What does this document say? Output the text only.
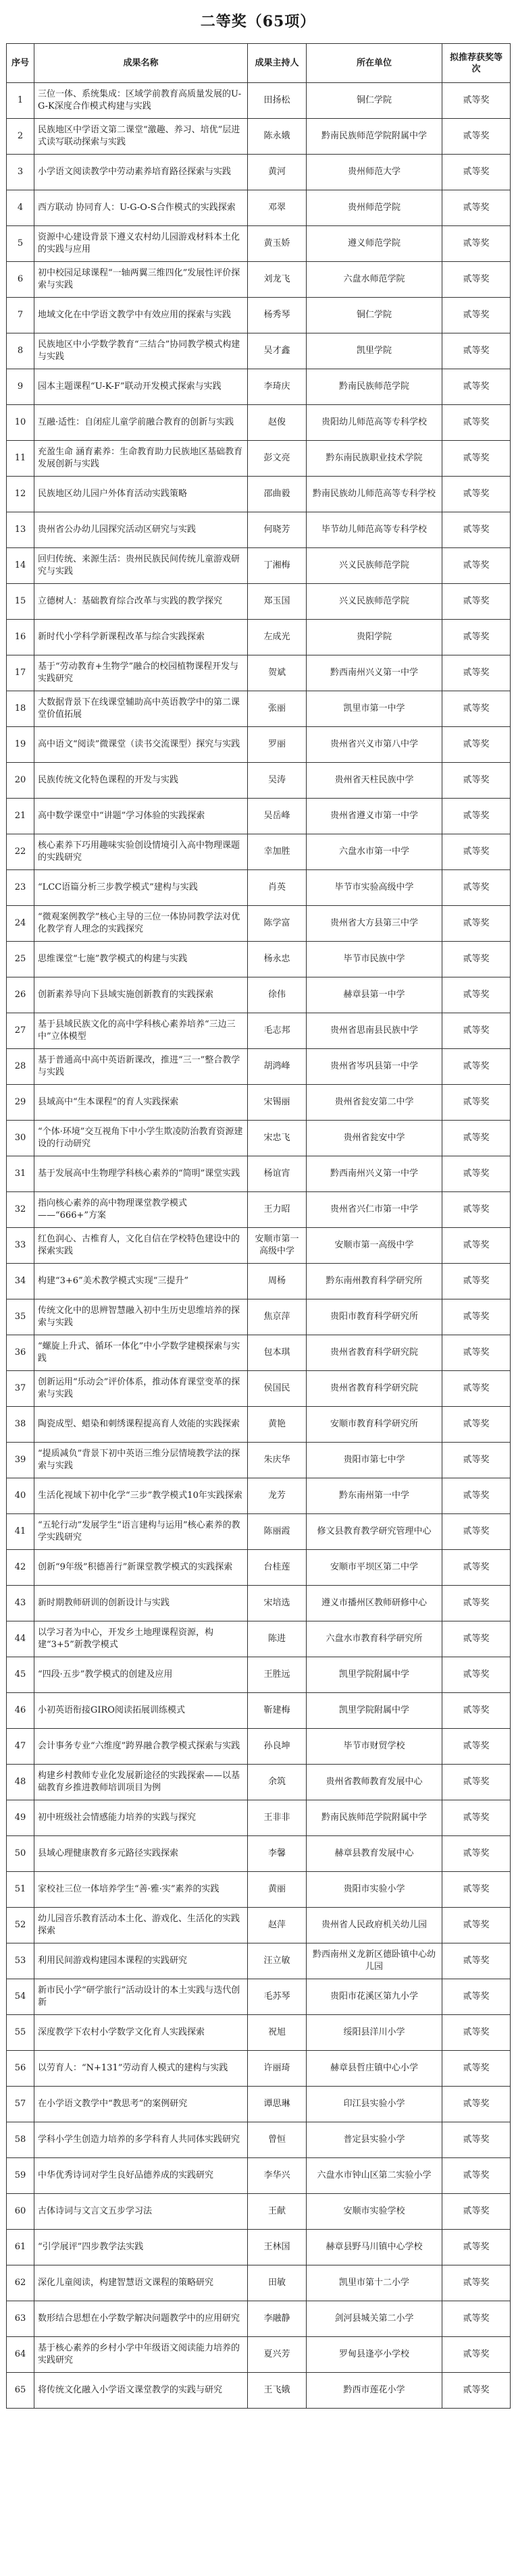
二等奖（65项）
序号	成果名称	成果主持人	所在单位	拟推荐获奖等次
1	三位一体、系统集成：区域学前教育高质量发展的U-G-K深度合作模式构建与实践	田扬松	铜仁学院	贰等奖
2	民族地区中学语文第二课堂“激趣、养习、培优”层进式读写联动探索与实践	陈永娥	黔南民族师范学院附属中学	贰等奖
3	小学语文阅读教学中劳动素养培育路径探索与实践	黄河	贵州师范大学	贰等奖
4	西方联动 协同育人：U-G-O-S合作模式的实践探索	邓翠	贵州师范学院	贰等奖
5	资源中心建设背景下遵义农村幼儿园游戏材料本土化的实践与应用	黄玉娇	遵义师范学院	贰等奖
6	初中校园足球课程“一轴两翼三维四化”发展性评价探索与实践	刘龙飞	六盘水师范学院	贰等奖
7	地域文化在中学语文教学中有效应用的探索与实践	杨秀琴	铜仁学院	贰等奖
8	民族地区中小学数学教育“三结合”协同教学模式构建与实践	吴才鑫	凯里学院	贰等奖
9	园本主题课程“U-K-F”联动开发模式探索与实践	李琦庆	黔南民族师范学院	贰等奖
10	互融·适性：自闭症儿童学前融合教育的创新与实践	赵俊	贵阳幼儿师范高等专科学校	贰等奖
11	充盈生命 涵育素养：生命教育助力民族地区基础教育发展创新与实践	彭文亮	黔东南民族职业技术学院	贰等奖
12	民族地区幼儿园户外体育活动实践策略	邵曲毅	黔南民族幼儿师范高等专科学校	贰等奖
13	贵州省公办幼儿园探究活动区研究与实践	何晓芳	毕节幼儿师范高等专科学校	贰等奖
14	回归传统、来源生活：贵州民族民间传统儿童游戏研究与实践	丁湘梅	兴义民族师范学院	贰等奖
15	立德树人：基础教育综合改革与实践的教学探究	郑玉国	兴义民族师范学院	贰等奖
16	新时代小学科学新课程改革与综合实践探索	左成光	贵阳学院	贰等奖
17	基于“劳动教育+生物学”融合的校园植物课程开发与实践研究	贺斌	黔西南州兴义第一中学	贰等奖
18	大数据背景下在线课堂辅助高中英语教学中的第二课堂价值拓展	张丽	凯里市第一中学	贰等奖
19	高中语文“阅读”微课堂（读书交流课型）探究与实践	罗丽	贵州省兴义市第八中学	贰等奖
20	民族传统文化特色课程的开发与实践	吴涛	贵州省天柱民族中学	贰等奖
21	高中数学课堂中“讲题”学习体验的实践探索	吴岳峰	贵州省遵义市第一中学	贰等奖
22	核心素养下巧用趣味实验创设情境引入高中物理课题的实践研究	幸加胜	六盘水市第一中学	贰等奖
23	“LCC语篇分析三步教学模式”建构与实践	肖英	毕节市实验高级中学	贰等奖
24	“微观案例教学”核心主导的三位一体协同教学法对优化教学育人理念的实践探究	陈学富	贵州省大方县第三中学	贰等奖
25	思维课堂“七施”教学模式的构建与实践	杨永忠	毕节市民族中学	贰等奖
26	创新素养导向下县域实施创新教育的实践探索	徐伟	赫章县第一中学	贰等奖
27	基于县域民族文化的高中学科核心素养培养“三边三中”立体模型	毛志邦	贵州省思南县民族中学	贰等奖
28	基于普通高中高中英语新课改，推进“三一”整合教学与实践	胡鸿峰	贵州省岑巩县第一中学	贰等奖
29	县域高中“生本课程”的育人实践探索	宋锡丽	贵州省瓮安第二中学	贰等奖
30	“个体·环境”交互视角下中小学生欺凌防治教育资源建设的行动研究	宋忠飞	贵州省瓮安中学	贰等奖
31	基于发展高中生物理学科核心素养的“简明”课堂实践	杨谊宵	黔西南州兴义第一中学	贰等奖
32	指向核心素养的高中物理课堂教学模式——“666+”方案	王力昭	贵州省兴仁市第一中学	贰等奖
33	红色润心、古椎育人，文化自信在学校特色建设中的探索实践	安顺市第一高级中学	安顺市第一高级中学	贰等奖
34	构建“3+6”美术教学模式实现“三提升”	周杨	黔东南州教育科学研究所	贰等奖
35	传统文化中的思辨智慧融入初中生历史思维培养的探索与实践	焦京萍	贵阳市教育科学研究所	贰等奖
36	“螺旋上升式、循环一体化”中小学数学建模探索与实践	包本琪	贵州省教育科学研究院	贰等奖
37	创新运用“乐动会”评价体系，推动体育课堂变革的探索与实践	侯国民	贵州省教育科学研究院	贰等奖
38	陶瓷成型、蜡染和刺绣课程提高育人效能的实践探索	黄艳	安顺市教育科学研究所	贰等奖
39	“提质减负”背景下初中英语三维分层情境教学法的探索与实践	朱庆华	贵阳市第七中学	贰等奖
40	生活化视域下初中化学“三步”教学模式10年实践探索	龙芳	黔东南州第一中学	贰等奖
41	“五轮行动”发展学生“语言建构与运用”核心素养的教学实践研究	陈丽霞	修文县教育教学研究管理中心	贰等奖
42	创新“9年级”积德善行”新课堂教学模式的实践探索	台桂莲	安顺市平坝区第二中学	贰等奖
43	新时期教师研训的创新设计与实践	宋培选	遵义市播州区教师研修中心	贰等奖
44	以学习者为中心，开发乡土地理课程资源，构建“3+5”新教学模式	陈进	六盘水市教育科学研究所	贰等奖
45	“四段·五步”教学模式的创建及应用	王胜远	凯里学院附属中学	贰等奖
46	小初英语衔接GIRO阅读拓展训练模式	靳建梅	凯里学院附属中学	贰等奖
47	会计事务专业“六维度”跨界融合教学模式探索与实践	孙良坤	毕节市财贸学校	贰等奖
48	构建乡村教师专业化发展新途径的实践探索——以基础教育乡推进教师培训项目为例	余筑	贵州省教师教育发展中心	贰等奖
49	初中班级社会情感能力培养的实践与探究	王非非	黔南民族师范学院附属中学	贰等奖
50	县域心理健康教育多元路径实践探索	李馨	赫章县教育发展中心	贰等奖
51	家校社三位一体培养学生“善·雅·实”素养的实践	黄丽	贵阳市实验小学	贰等奖
52	幼儿园音乐教育活动本土化、游戏化、生活化的实践探索	赵萍	贵州省人民政府机关幼儿园	贰等奖
53	利用民间游戏构建园本课程的实践研究	汪立敏	黔西南州义龙新区德卧镇中心幼儿园	贰等奖
54	新市民小学“研学旅行”活动设计的本土实践与迭代创新	毛苏琴	贵阳市花溪区第九小学	贰等奖
55	深度教学下农村小学数学文化育人实践探索	祝旭	绥阳县洋川小学	贰等奖
56	以劳育人：“N+131”劳动育人模式的建构与实践	许丽琦	赫章县哲庄镇中心小学	贰等奖
57	在小学语文教学中“教思考”的案例研究	谭思琳	印江县实验小学	贰等奖
58	学科小学生创造力培养的多学科育人共同体实践研究	曾恒	普定县实验小学	贰等奖
59	中华优秀诗词对学生良好品德养成的实践研究	李华兴	六盘水市钟山区第二实验小学	贰等奖
60	古体诗词与文言文五步学习法	王献	安顺市实验学校	贰等奖
61	“引学展评”四步教学法实践	王林国	赫章县野马川镇中心学校	贰等奖
62	深化儿童阅读，构建智慧语文课程的策略研究	田敏	凯里市第十二小学	贰等奖
63	数形结合思想在小学数学解决问题教学中的应用研究	李融静	剑河县城关第二小学	贰等奖
64	基于核心素养的乡村小学中年级语文阅读能力培养的实践研究	夏兴芳	罗甸县逢亭小学校	贰等奖
65	将传统文化融入小学语文课堂教学的实践与研究	王飞娥	黔西市莲花小学	贰等奖
